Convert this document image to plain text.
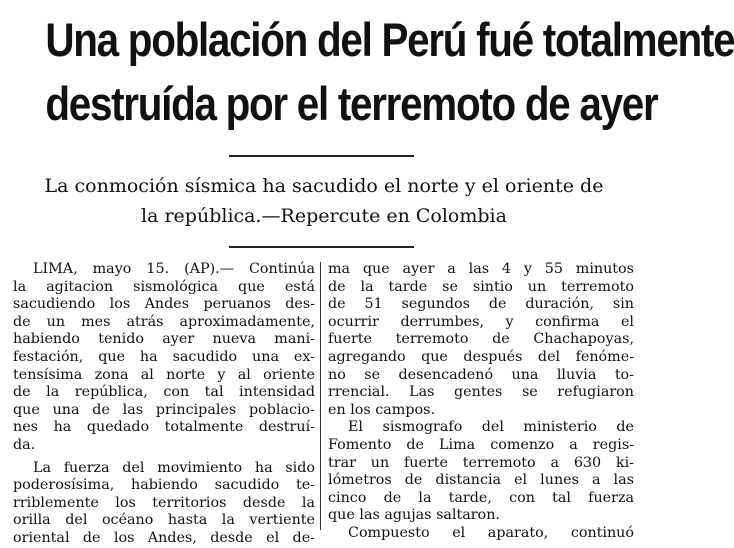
Una población del Perú fué totalmente
destruída por el terremoto de ayer
La conmoción sísmica ha sacudido el norte y el oriente de
la república.—Repercute en Colombia
LIMA, mayo 15. (AP).— Continúa
la agitacion sismológica que está
sacudiendo los Andes peruanos des-
de un mes atrás aproximadamente,
habiendo tenido ayer nueva mani-
festación, que ha sacudido una ex-
tensísima zona al norte y al oriente
de la república, con tal intensidad
que una de las principales poblacio-
nes ha quedado totalmente destruí-
da.
La fuerza del movimiento ha sido
poderosísima, habiendo sacudido te-
rriblemente los territorios desde la
orilla del océano hasta la vertiente
oriental de los Andes, desde el de-
ma que ayer a las 4 y 55 minutos
de la tarde se sintio un terremoto
de 51 segundos de duración, sin
ocurrir derrumbes, y confirma el
fuerte terremoto de Chachapoyas,
agregando que después del fenóme-
no se desencadenó una lluvia to-
rrencial. Las gentes se refugiaron
en los campos.
El sismografo del ministerio de
Fomento de Lima comenzo a regis-
trar un fuerte terremoto a 630 ki-
lómetros de distancia el lunes a las
cinco de la tarde, con tal fuerza
que las agujas saltaron.
Compuesto el aparato, continuó
